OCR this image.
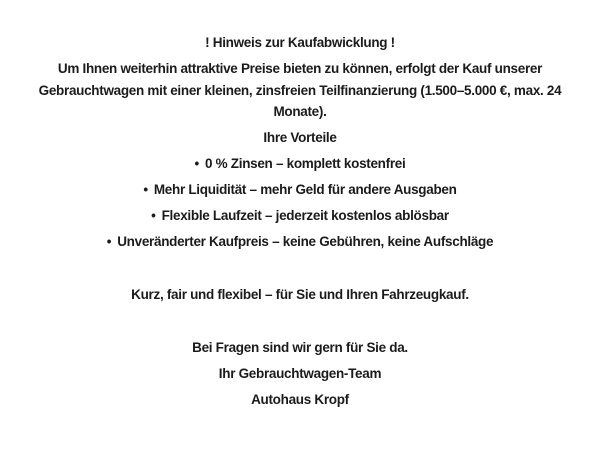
! Hinweis zur Kaufabwicklung !

Um Ihnen weiterhin attraktive Preise bieten zu können, erfolgt der Kauf unserer

Gebrauchtwagen mit einer kleinen, zinsfreien Teilfinanzierung (1.500–5.000 €, max. 24

Monate).

Ihre Vorteile

• 0 % Zinsen – komplett kostenfrei

• Mehr Liquidität – mehr Geld für andere Ausgaben

• Flexible Laufzeit – jederzeit kostenlos ablösbar

• Unveränderter Kaufpreis – keine Gebühren, keine Aufschläge

Kurz, fair und flexibel – für Sie und Ihren Fahrzeugkauf.

Bei Fragen sind wir gern für Sie da.

Ihr Gebrauchtwagen-Team

Autohaus Kropf
